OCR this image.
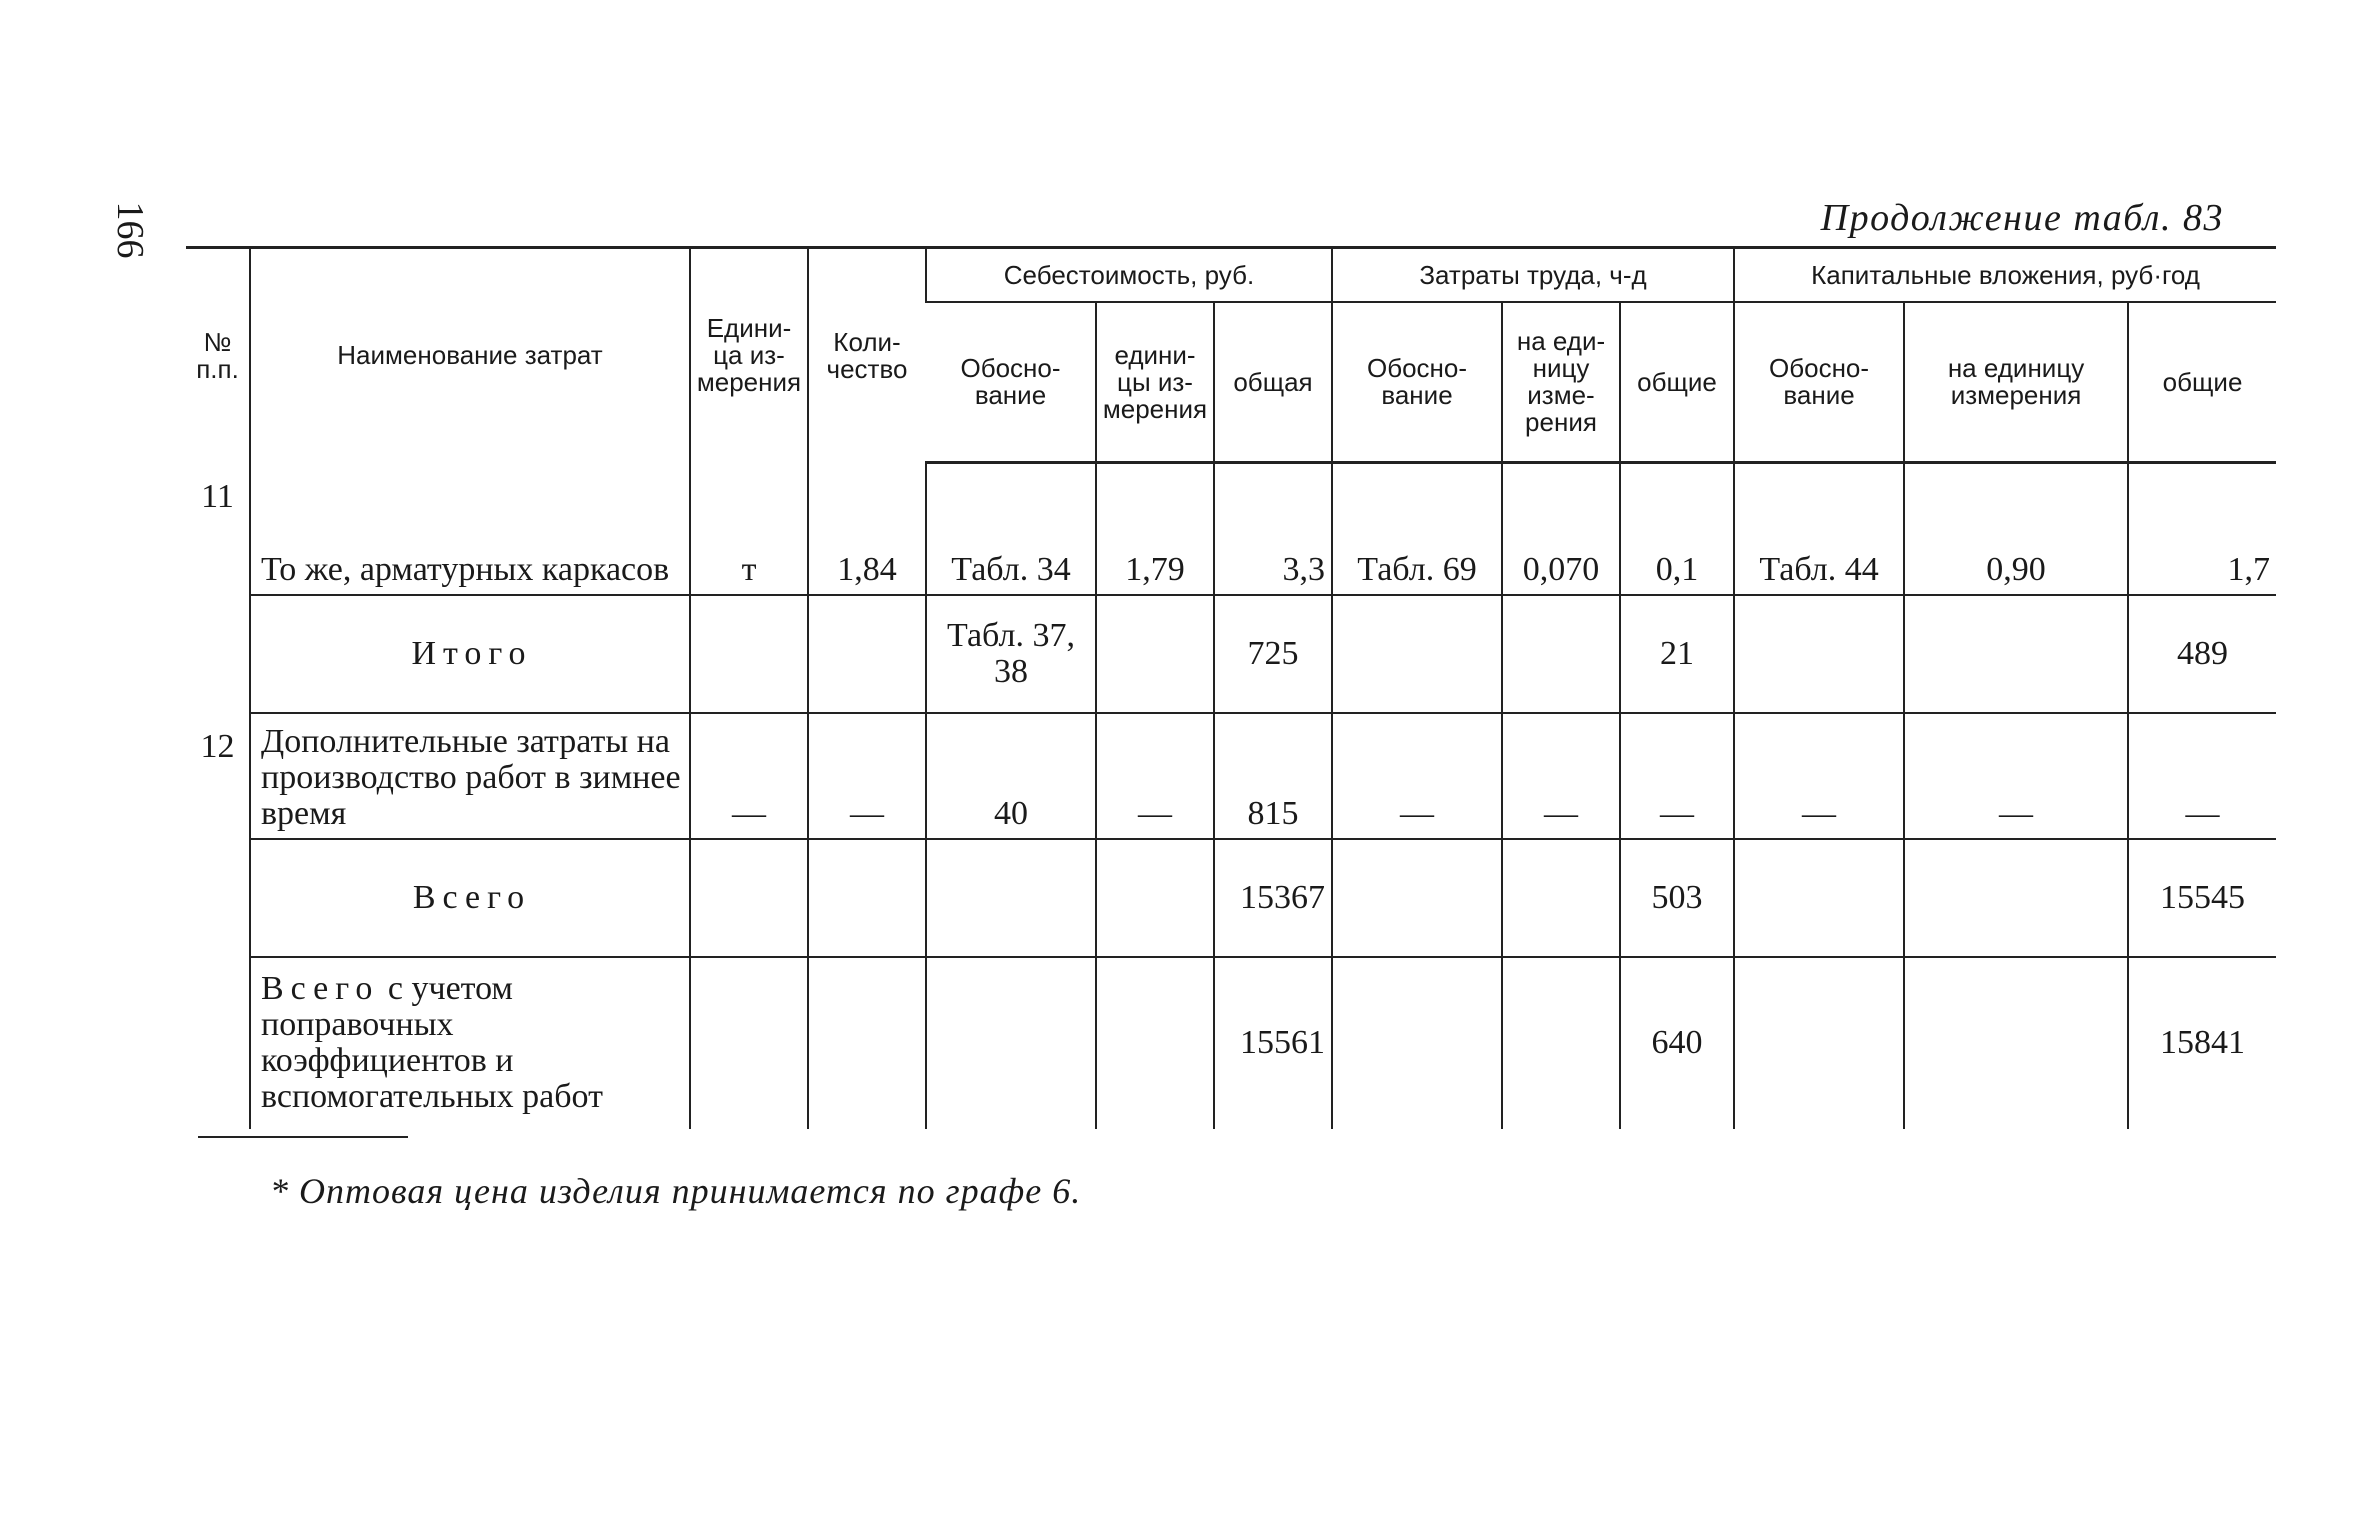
166	Продолжение табл. 83
№ п.п.	Наименование затрат	Едини- ца из- мерения	Коли- чество	Себестоимость, руб.			Затраты труда, ч-д			Капитальные вложения, руб·год		
				Обосно- вание	едини- цы из- мерения	общая	Обосно- вание	на еди- ницу изме- рения	общие	Обосно- вание	на единицу измерения	общие
11	То же, арматурных каркасов	т	1,84	Табл. 34	1,79	3,3	Табл. 69	0,070	0,1	Табл. 44	0,90	1,7
	Итого			Табл. 37, 38		725			21			489
12	Дополнительные затраты на производство работ в зимнее время	—	—	40	—	815	—	—	—	—	—	—
	Всего					15367			503			15545
	Всего с учетом поправочных коэффициентов и вспомогательных работ					15561			640			15841
* Оптовая цена изделия принимается по графе 6.
